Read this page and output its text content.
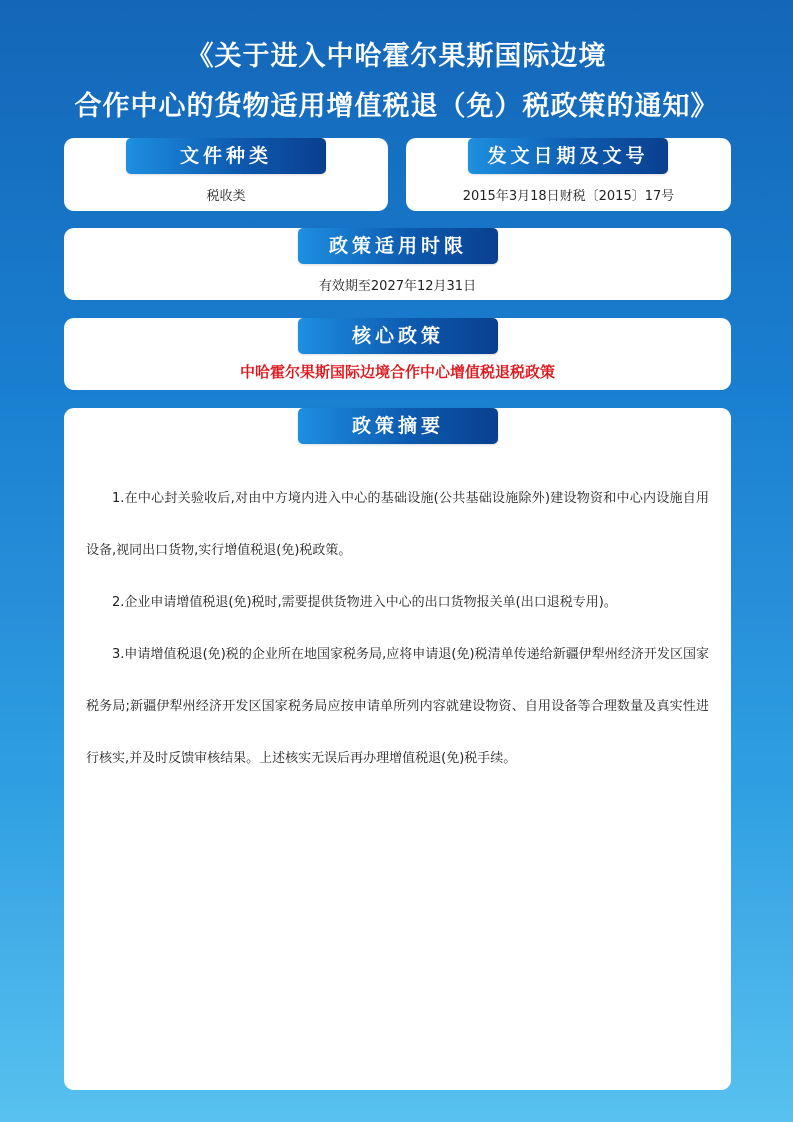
《关于进入中哈霍尔果斯国际边境
合作中心的货物适用增值税退（免）税政策的通知》
文件种类
税收类
发文日期及文号
2015年3月18日财税〔2015〕17号
政策适用时限
有效期至2027年12月31日
核心政策
中哈霍尔果斯国际边境合作中心增值税退税政策
政策摘要

1.在中心封关验收后,对由中方境内进入中心的基础设施(公共基础设施除外)建设物资和中心内设施自用设备,视同出口货物,实行增值税退(免)税政策。

2.企业申请增值税退(免)税时,需要提供货物进入中心的出口货物报关单(出口退税专用)。

3.申请增值税退(免)税的企业所在地国家税务局,应将申请退(免)税清单传递给新疆伊犁州经济开发区国家税务局;新疆伊犁州经济开发区国家税务局应按申请单所列内容就建设物资、自用设备等合理数量及真实性进行核实,并及时反馈审核结果。上述核实无误后再办理增值税退(免)税手续。
